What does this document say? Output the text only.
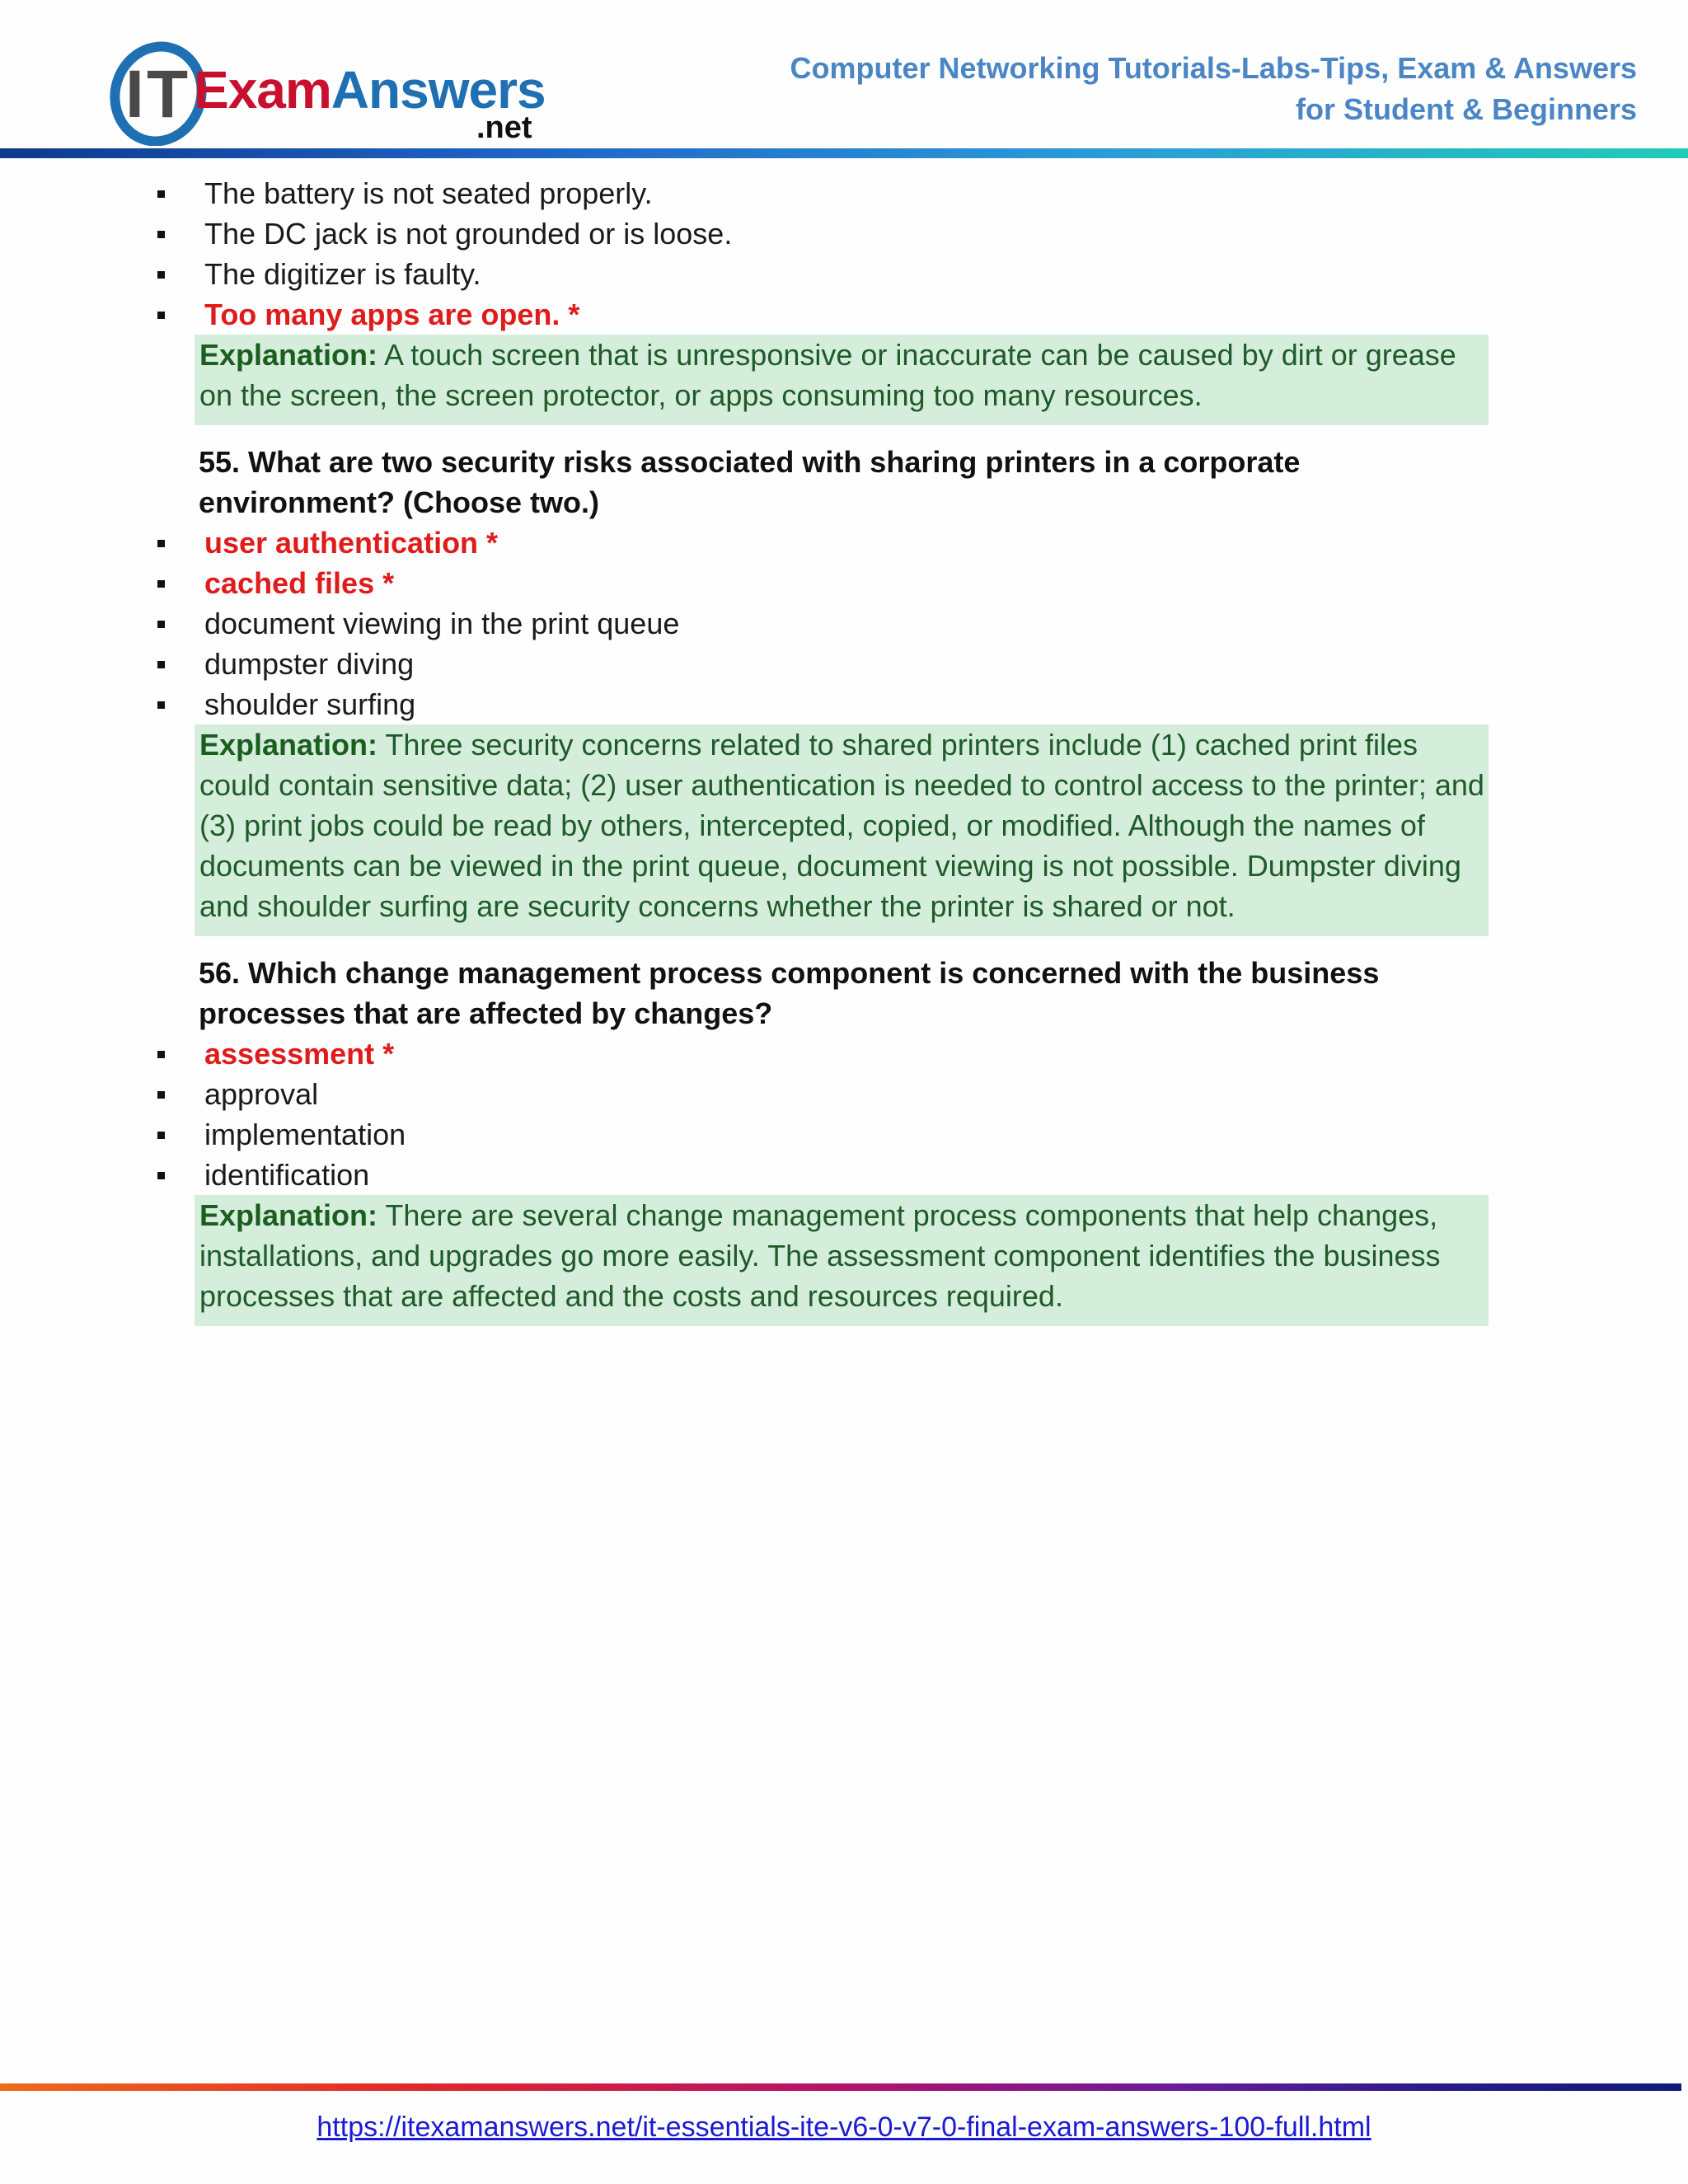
I T ExamAnswers
.net
Computer Networking Tutorials-Labs-Tips, Exam & Answers
for Student & Beginners
The battery is not seated properly.
The DC jack is not grounded or is loose.
The digitizer is faulty.
Too many apps are open. *
Explanation: A touch screen that is unresponsive or inaccurate can be caused by dirt or grease on the screen, the screen protector, or apps consuming too many resources.
55. What are two security risks associated with sharing printers in a corporate environment? (Choose two.)
user authentication *
cached files *
document viewing in the print queue
dumpster diving
shoulder surfing
Explanation: Three security concerns related to shared printers include (1) cached print files could contain sensitive data; (2) user authentication is needed to control access to the printer; and (3) print jobs could be read by others, intercepted, copied, or modified. Although the names of documents can be viewed in the print queue, document viewing is not possible. Dumpster diving and shoulder surfing are security concerns whether the printer is shared or not.
56. Which change management process component is concerned with the business processes that are affected by changes?
assessment *
approval
implementation
identification
Explanation: There are several change management process components that help changes, installations, and upgrades go more easily. The assessment component identifies the business processes that are affected and the costs and resources required.
https://itexamanswers.net/it-essentials-ite-v6-0-v7-0-final-exam-answers-100-full.html
